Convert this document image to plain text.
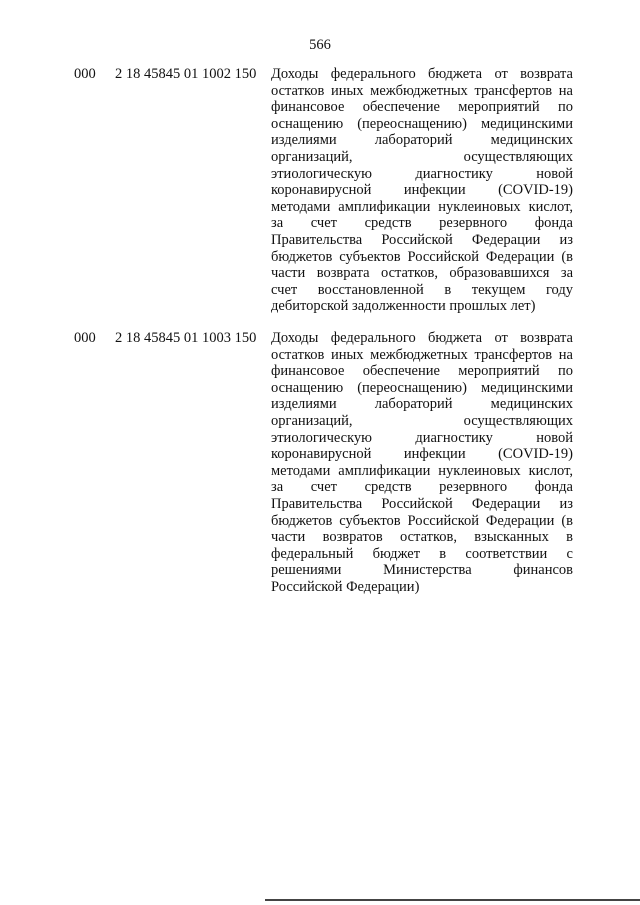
566
000 2 18 45845 01 1002 150 Доходы федерального бюджета от возврата
остатков иных межбюджетных трансфертов на
финансовое обеспечение мероприятий по
оснащению (переоснащению) медицинскими
изделиями лабораторий медицинских
организаций, осуществляющих
этиологическую диагностику новой
коронавирусной инфекции (COVID-19)
методами амплификации нуклеиновых кислот,
за счет средств резервного фонда
Правительства Российской Федерации из
бюджетов субъектов Российской Федерации (в
части возврата остатков, образовавшихся за
счет восстановленной в текущем году
дебиторской задолженности прошлых лет)
000 2 18 45845 01 1003 150 Доходы федерального бюджета от возврата
остатков иных межбюджетных трансфертов на
финансовое обеспечение мероприятий по
оснащению (переоснащению) медицинскими
изделиями лабораторий медицинских
организаций, осуществляющих
этиологическую диагностику новой
коронавирусной инфекции (COVID-19)
методами амплификации нуклеиновых кислот,
за счет средств резервного фонда
Правительства Российской Федерации из
бюджетов субъектов Российской Федерации (в
части возвратов остатков, взысканных в
федеральный бюджет в соответствии с
решениями Министерства финансов
Российской Федерации)
